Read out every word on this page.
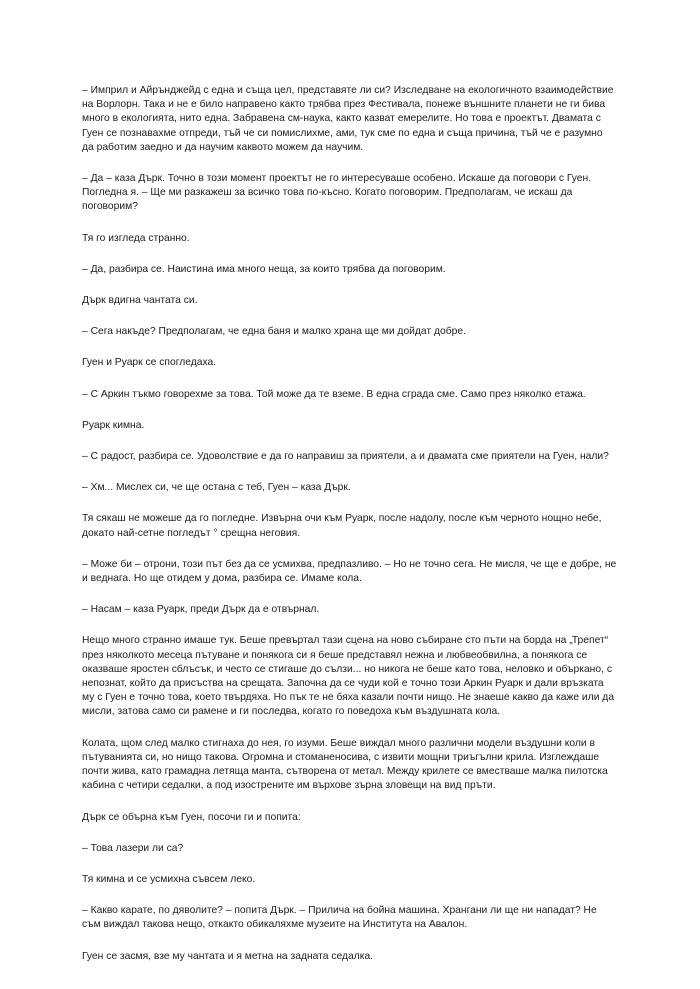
– Имприл и Айрънджейд с една и съща цел, представяте ли си? Изследване на екологичното взаимодействие на Ворлорн. Така и не е било направено както трябва през Фестивала, понеже външните планети не ги бива много в екологията, нито една. Забравена см-наука, както казват емерелите. Но това е проектът. Двамата с Гуен се познавахме отпреди, тъй че си помислихме, ами, тук сме по една и съща причина, тъй че е разумно да работим заедно и да научим каквото можем да научим.

– Да – каза Дърк. Точно в този момент проектът не го интересуваше особено. Искаше да поговори с Гуен. Погледна я. – Ще ми разкажеш за всичко това по-късно. Когато поговорим. Предполагам, че искаш да поговорим?

Тя го изгледа странно.

– Да, разбира се. Наистина има много неща, за които трябва да поговорим.

Дърк вдигна чантата си.

– Сега накъде? Предполагам, че една баня и малко храна ще ми дойдат добре.

Гуен и Руарк се спогледаха.

– С Аркин тъкмо говорехме за това. Той може да те вземе. В една сграда сме. Само през няколко етажа.

Руарк кимна.

– С радост, разбира се. Удоволствие е да го направиш за приятели, а и двамата сме приятели на Гуен, нали?

– Хм... Мислех си, че ще остана с теб, Гуен – каза Дърк.

Тя сякаш не можеше да го погледне. Извърна очи към Руарк, после надолу, после към черното нощно небе, докато най-сетне погледът ° срещна неговия.

– Може би – отрони, този път без да се усмихва, предпазливо. – Но не точно сега. Не мисля, че ще е добре, не и веднага. Но ще отидем у дома, разбира се. Имаме кола.

– Насам – каза Руарк, преди Дърк да е отвърнал.

Нещо много странно имаше тук. Беше превъртал тази сцена на ново събиране сто пъти на борда на „Трепет“ през няколкото месеца пътуване и понякога си я беше представял нежна и любвеобвилна, а понякога се оказваше яростен сблъсък, и често се стигаше до сълзи... но никога не беше като това, неловко и объркано, с непознат, който да присъства на срещата. Започна да се чуди кой е точно този Аркин Руарк и дали връзката му с Гуен е точно това, което твърдяха. Но пък те не бяха казали почти нищо. Не знаеше какво да каже или да мисли, затова само си рамене и ги последва, когато го поведоха към въздушната кола.

Колата, щом след малко стигнаха до нея, го изуми. Беше виждал много различни модели въздушни коли в пътуванията си, но нищо такова. Огромна и стоманеносива, с извити мощни триъгълни крила. Изглеждаше почти жива, като грамадна летяща манта, сътворена от метал. Между крилете се вместваше малка пилотска кабина с четири седалки, а под изострените им върхове зърна зловещи на вид пръти.

Дърк се обърна към Гуен, посочи ги и попита:

– Това лазери ли са?

Тя кимна и се усмихна съвсем леко.

– Какво карате, по дяволите? – попита Дърк. – Прилича на бойна машина. Хрангани ли ще ни нападат? Не съм виждал такова нещо, откакто обикаляхме музеите на Института на Авалон.

Гуен се засмя, взе му чантата и я метна на задната седалка.
